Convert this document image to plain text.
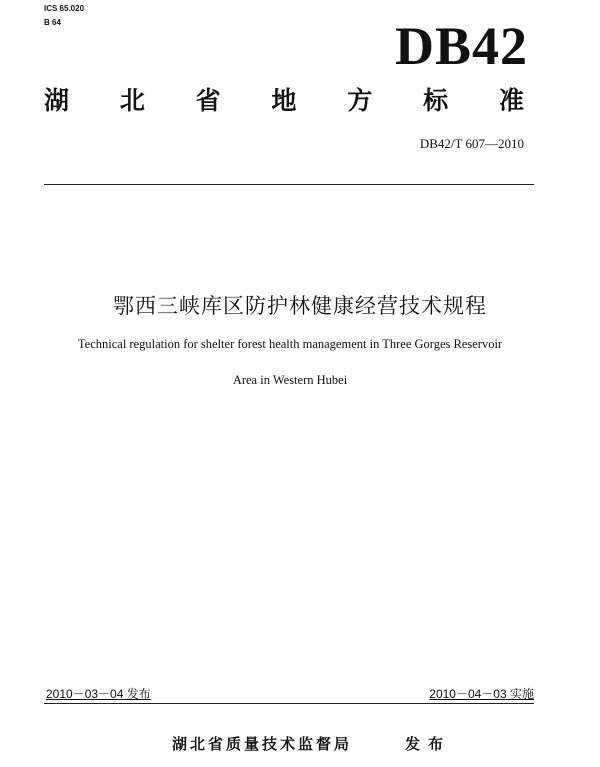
ICS 65.020
B 64	DB42
湖 北 省 地 方 标 准
DB42/T 607—2010
鄂西三峡库区防护林健康经营技术规程
Technical regulation for shelter forest health management in Three Gorges Reservoir
Area in Western Hubei
2010－03－04 发布	2010－04－03 实施
湖北省质量技术监督局	发布
